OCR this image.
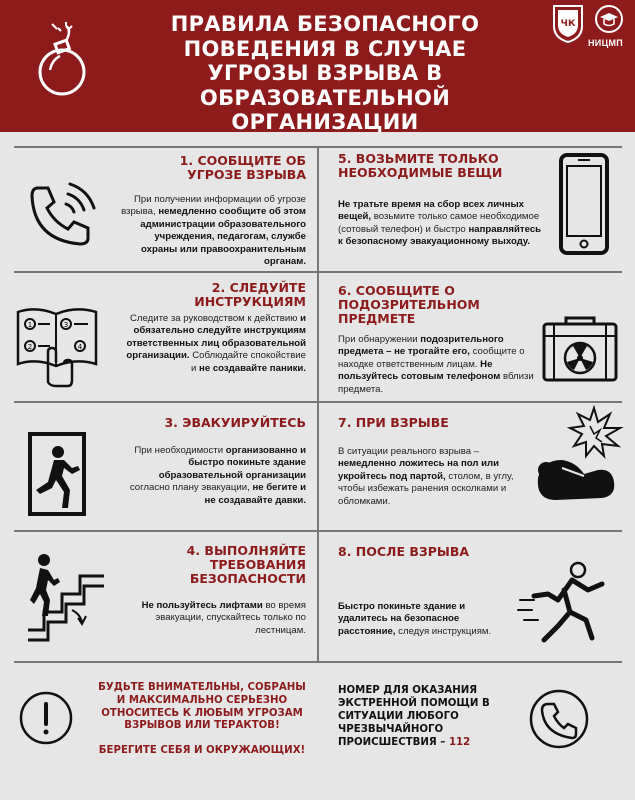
ПРАВИЛА БЕЗОПАСНОГО ПОВЕДЕНИЯ В СЛУЧАЕ УГРОЗЫ ВЗРЫВА В ОБРАЗОВАТЕЛЬНОЙ ОРГАНИЗАЦИИ
ЧК
НИЦМП
1. СООБЩИТЕ ОБ УГРОЗЕ ВЗРЫВА
При получении информации об угрозе взрыва, немедленно сообщите об этом администрации образовательного учреждения, педагогам, службе охраны или правоохранительным органам.
5. ВОЗЬМИТЕ ТОЛЬКО НЕОБХОДИМЫЕ ВЕЩИ
Не тратьте время на сбор всех личных вещей, возьмите только самое необходимое (сотовый телефон) и быстро направляйтесь к безопасному эвакуационному выходу.
1	3
2	4
2. СЛЕДУЙТЕ ИНСТРУКЦИЯМ
Следите за руководством к действию и обязательно следуйте инструкциям ответственных лиц образовательной организации. Соблюдайте спокойствие и не создавайте паники.
6. СООБЩИТЕ О ПОДОЗРИТЕЛЬНОМ ПРЕДМЕТЕ
При обнаружении подозрительного предмета – не трогайте его, сообщите о находке ответственным лицам. Не пользуйтесь сотовым телефоном вблизи предмета.
3. ЭВАКУИРУЙТЕСЬ
При необходимости организованно и быстро покиньте здание образовательной организации согласно плану эвакуации, не бегите и не создавайте давки.
7. ПРИ ВЗРЫВЕ
В ситуации реального взрыва – немедленно ложитесь на пол или укройтесь под партой, столом, в углу, чтобы избежать ранения осколками и обломками.
4. ВЫПОЛНЯЙТЕ ТРЕБОВАНИЯ БЕЗОПАСНОСТИ
Не пользуйтесь лифтами во время эвакуации, спускайтесь только по лестницам.
8. ПОСЛЕ ВЗРЫВА
Быстро покиньте здание и удалитесь на безопасное расстояние, следуя инструкциям.
БУДЬТЕ ВНИМАТЕЛЬНЫ, СОБРАНЫ И МАКСИМАЛЬНО СЕРЬЕЗНО ОТНОСИТЕСЬ К ЛЮБЫМ УГРОЗАМ ВЗРЫВОВ ИЛИ ТЕРАКТОВ!
БЕРЕГИТЕ СЕБЯ И ОКРУЖАЮЩИХ!
НОМЕР ДЛЯ ОКАЗАНИЯ ЭКСТРЕННОЙ ПОМОЩИ В СИТУАЦИИ ЛЮБОГО ЧРЕЗВЫЧАЙНОГО ПРОИСШЕСТВИЯ – 112
